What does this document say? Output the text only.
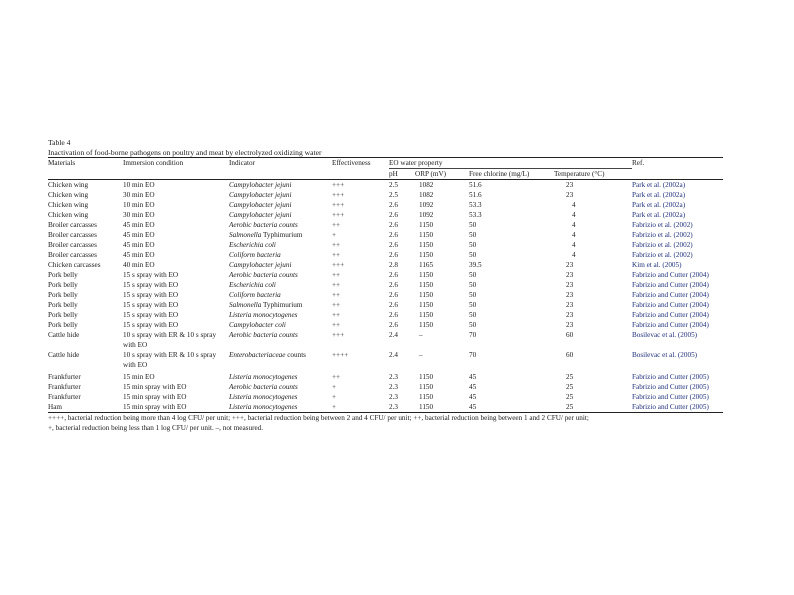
Table 4
Inactivation of food-borne pathogens on poultry and meat by electrolyzed oxidizing water
Materials	Immersion condition	Indicator	Effectiveness	EO water property				Ref.
				pH	ORP (mV)	Free chlorine (mg/L)	Temperature (°C)	
Chicken wing	10 min EO	Campylobacter jejuni	+++	2.5	1082	51.6	23	Park et al. (2002a)
Chicken wing	30 min EO	Campylobacter jejuni	+++	2.5	1082	51.6	23	Park et al. (2002a)
Chicken wing	10 min EO	Campylobacter jejuni	+++	2.6	1092	53.3	4	Park et al. (2002a)
Chicken wing	30 min EO	Campylobacter jejuni	+++	2.6	1092	53.3	4	Park et al. (2002a)
Broiler carcasses	45 min EO	Aerobic bacteria counts	++	2.6	1150	50	4	Fabrizio et al. (2002)
Broiler carcasses	45 min EO	Salmonella Typhimurium	+	2.6	1150	50	4	Fabrizio et al. (2002)
Broiler carcasses	45 min EO	Escherichia coli	++	2.6	1150	50	4	Fabrizio et al. (2002)
Broiler carcasses	45 min EO	Coliform bacteria	++	2.6	1150	50	4	Fabrizio et al. (2002)
Chicken carcasses	40 min EO	Campylobacter jejuni	+++	2.8	1165	39.5	23	Kim et al. (2005)
Pork belly	15 s spray with EO	Aerobic bacteria counts	++	2.6	1150	50	23	Fabrizio and Cutter (2004)
Pork belly	15 s spray with EO	Escherichia coli	++	2.6	1150	50	23	Fabrizio and Cutter (2004)
Pork belly	15 s spray with EO	Coliform bacteria	++	2.6	1150	50	23	Fabrizio and Cutter (2004)
Pork belly	15 s spray with EO	Salmonella Typhimurium	++	2.6	1150	50	23	Fabrizio and Cutter (2004)
Pork belly	15 s spray with EO	Listeria monocytogenes	++	2.6	1150	50	23	Fabrizio and Cutter (2004)
Pork belly	15 s spray with EO	Campylobacter coli	++	2.6	1150	50	23	Fabrizio and Cutter (2004)
Cattle hide	10 s spray with ER & 10 s spray with EO	Aerobic bacteria counts	+++	2.4	–	70	60	Bosilevac et al. (2005)
Cattle hide	10 s spray with ER & 10 s spray with EO	Enterobacteriaceae counts	++++	2.4	–	70	60	Bosilevac et al. (2005)
Frankfurter	15 min EO	Listeria monocytogenes	++	2.3	1150	45	25	Fabrizio and Cutter (2005)
Frankfurter	15 min spray with EO	Aerobic bacteria counts	+	2.3	1150	45	25	Fabrizio and Cutter (2005)
Frankfurter	15 min spray with EO	Listeria monocytogenes	+	2.3	1150	45	25	Fabrizio and Cutter (2005)
Ham	15 min spray with EO	Listeria monocytogenes	+	2.3	1150	45	25	Fabrizio and Cutter (2005)
++++, bacterial reduction being more than 4 log CFU/ per unit; +++, bacterial reduction being between 2 and 4 CFU/ per unit; ++, bacterial reduction being between 1 and 2 CFU/ per unit;
+, bacterial reduction being less than 1 log CFU/ per unit. –, not measured.
